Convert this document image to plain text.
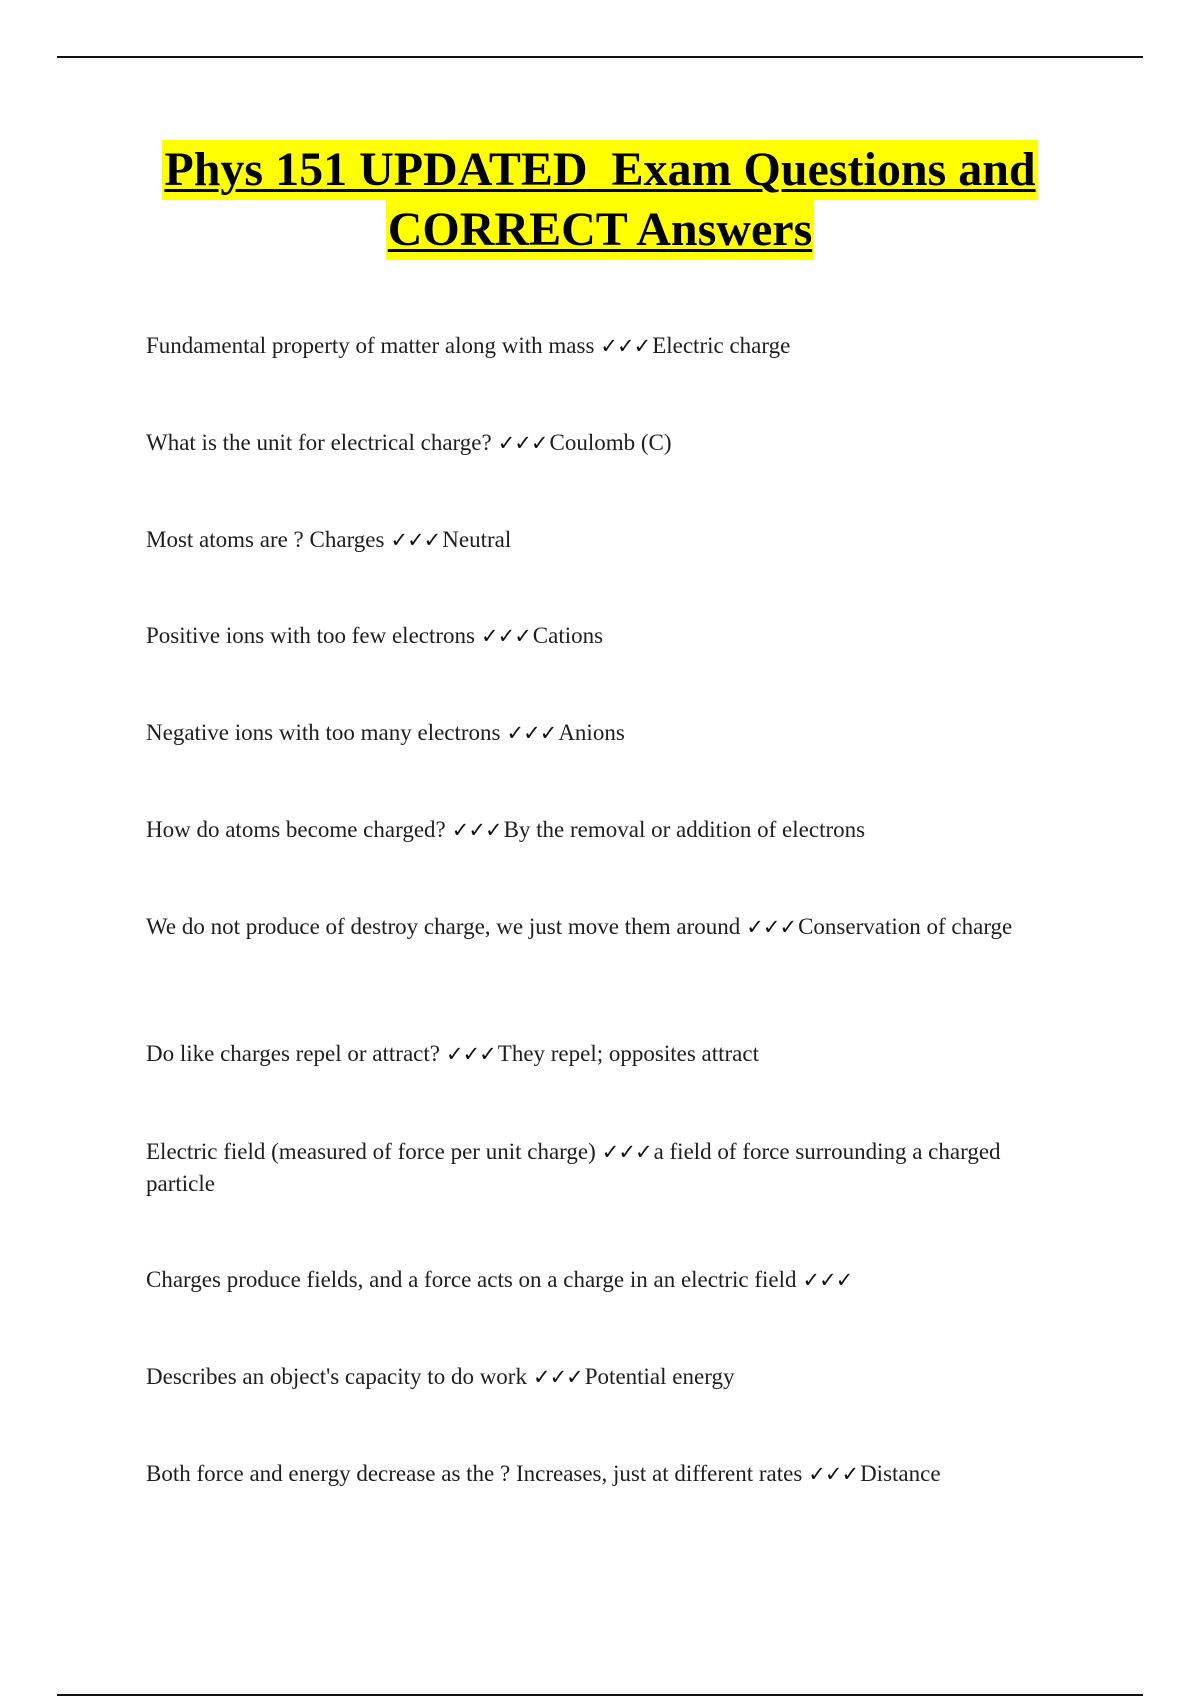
Phys 151 UPDATED  Exam Questions and
CORRECT Answers
Fundamental property of matter along with mass ✓✓✓Electric charge
What is the unit for electrical charge? ✓✓✓Coulomb (C)
Most atoms are ? Charges ✓✓✓Neutral
Positive ions with too few electrons ✓✓✓Cations
Negative ions with too many electrons ✓✓✓Anions
How do atoms become charged? ✓✓✓By the removal or addition of electrons
We do not produce of destroy charge, we just move them around ✓✓✓Conservation of charge
Do like charges repel or attract? ✓✓✓They repel; opposites attract
Electric field (measured of force per unit charge) ✓✓✓a field of force surrounding a charged particle
Charges produce fields, and a force acts on a charge in an electric field ✓✓✓
Describes an object's capacity to do work ✓✓✓Potential energy
Both force and energy decrease as the ? Increases, just at different rates ✓✓✓Distance
